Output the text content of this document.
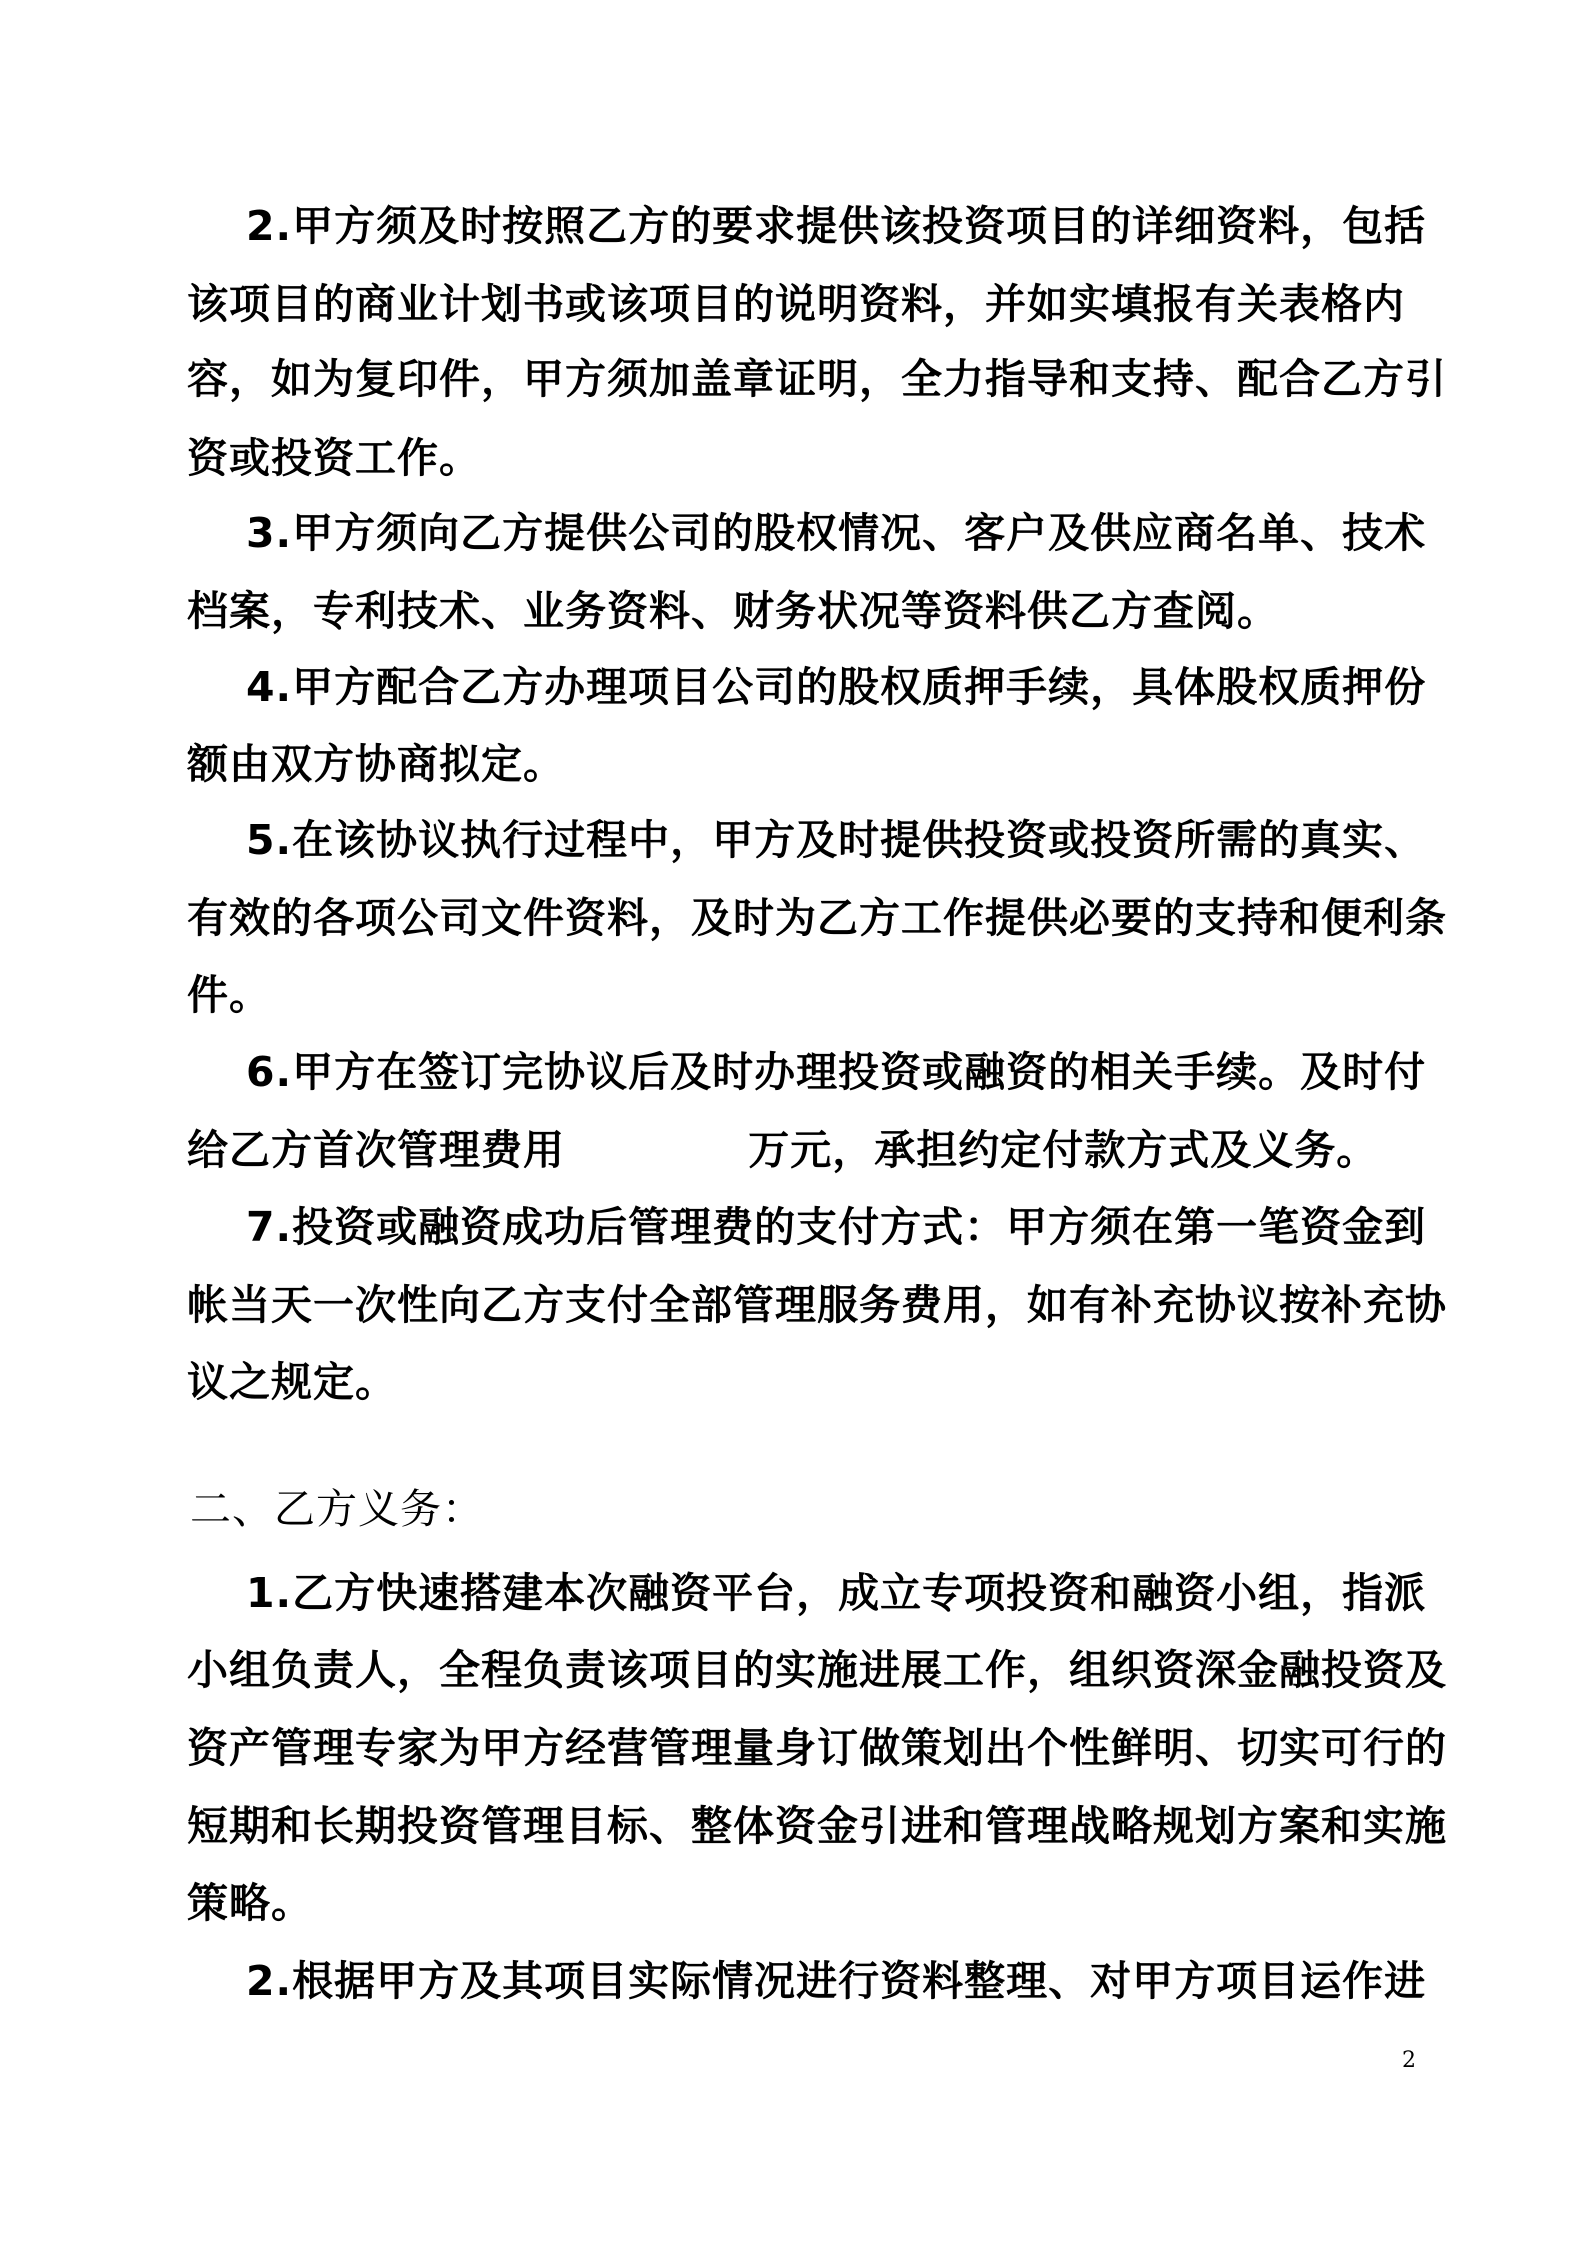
2.甲方须及时按照乙方的要求提供该投资项目的详细资料，包括
该项目的商业计划书或该项目的说明资料，并如实填报有关表格内
容，如为复印件，甲方须加盖章证明，全力指导和支持、配合乙方引
资或投资工作。
3.甲方须向乙方提供公司的股权情况、客户及供应商名单、技术
档案，专利技术、业务资料、财务状况等资料供乙方查阅。
4.甲方配合乙方办理项目公司的股权质押手续，具体股权质押份
额由双方协商拟定。
5.在该协议执行过程中，甲方及时提供投资或投资所需的真实、
有效的各项公司文件资料，及时为乙方工作提供必要的支持和便利条
件。
6.甲方在签订完协议后及时办理投资或融资的相关手续。及时付
给乙方首次管理费用            万元，承担约定付款方式及义务。
7.投资或融资成功后管理费的支付方式：甲方须在第一笔资金到
帐当天一次性向乙方支付全部管理服务费用，如有补充协议按补充协
议之规定。
二、乙方义务：
1.乙方快速搭建本次融资平台，成立专项投资和融资小组，指派
小组负责人，全程负责该项目的实施进展工作，组织资深金融投资及
资产管理专家为甲方经营管理量身订做策划出个性鲜明、切实可行的
短期和长期投资管理目标、整体资金引进和管理战略规划方案和实施
策略。
2.根据甲方及其项目实际情况进行资料整理、对甲方项目运作进
2
